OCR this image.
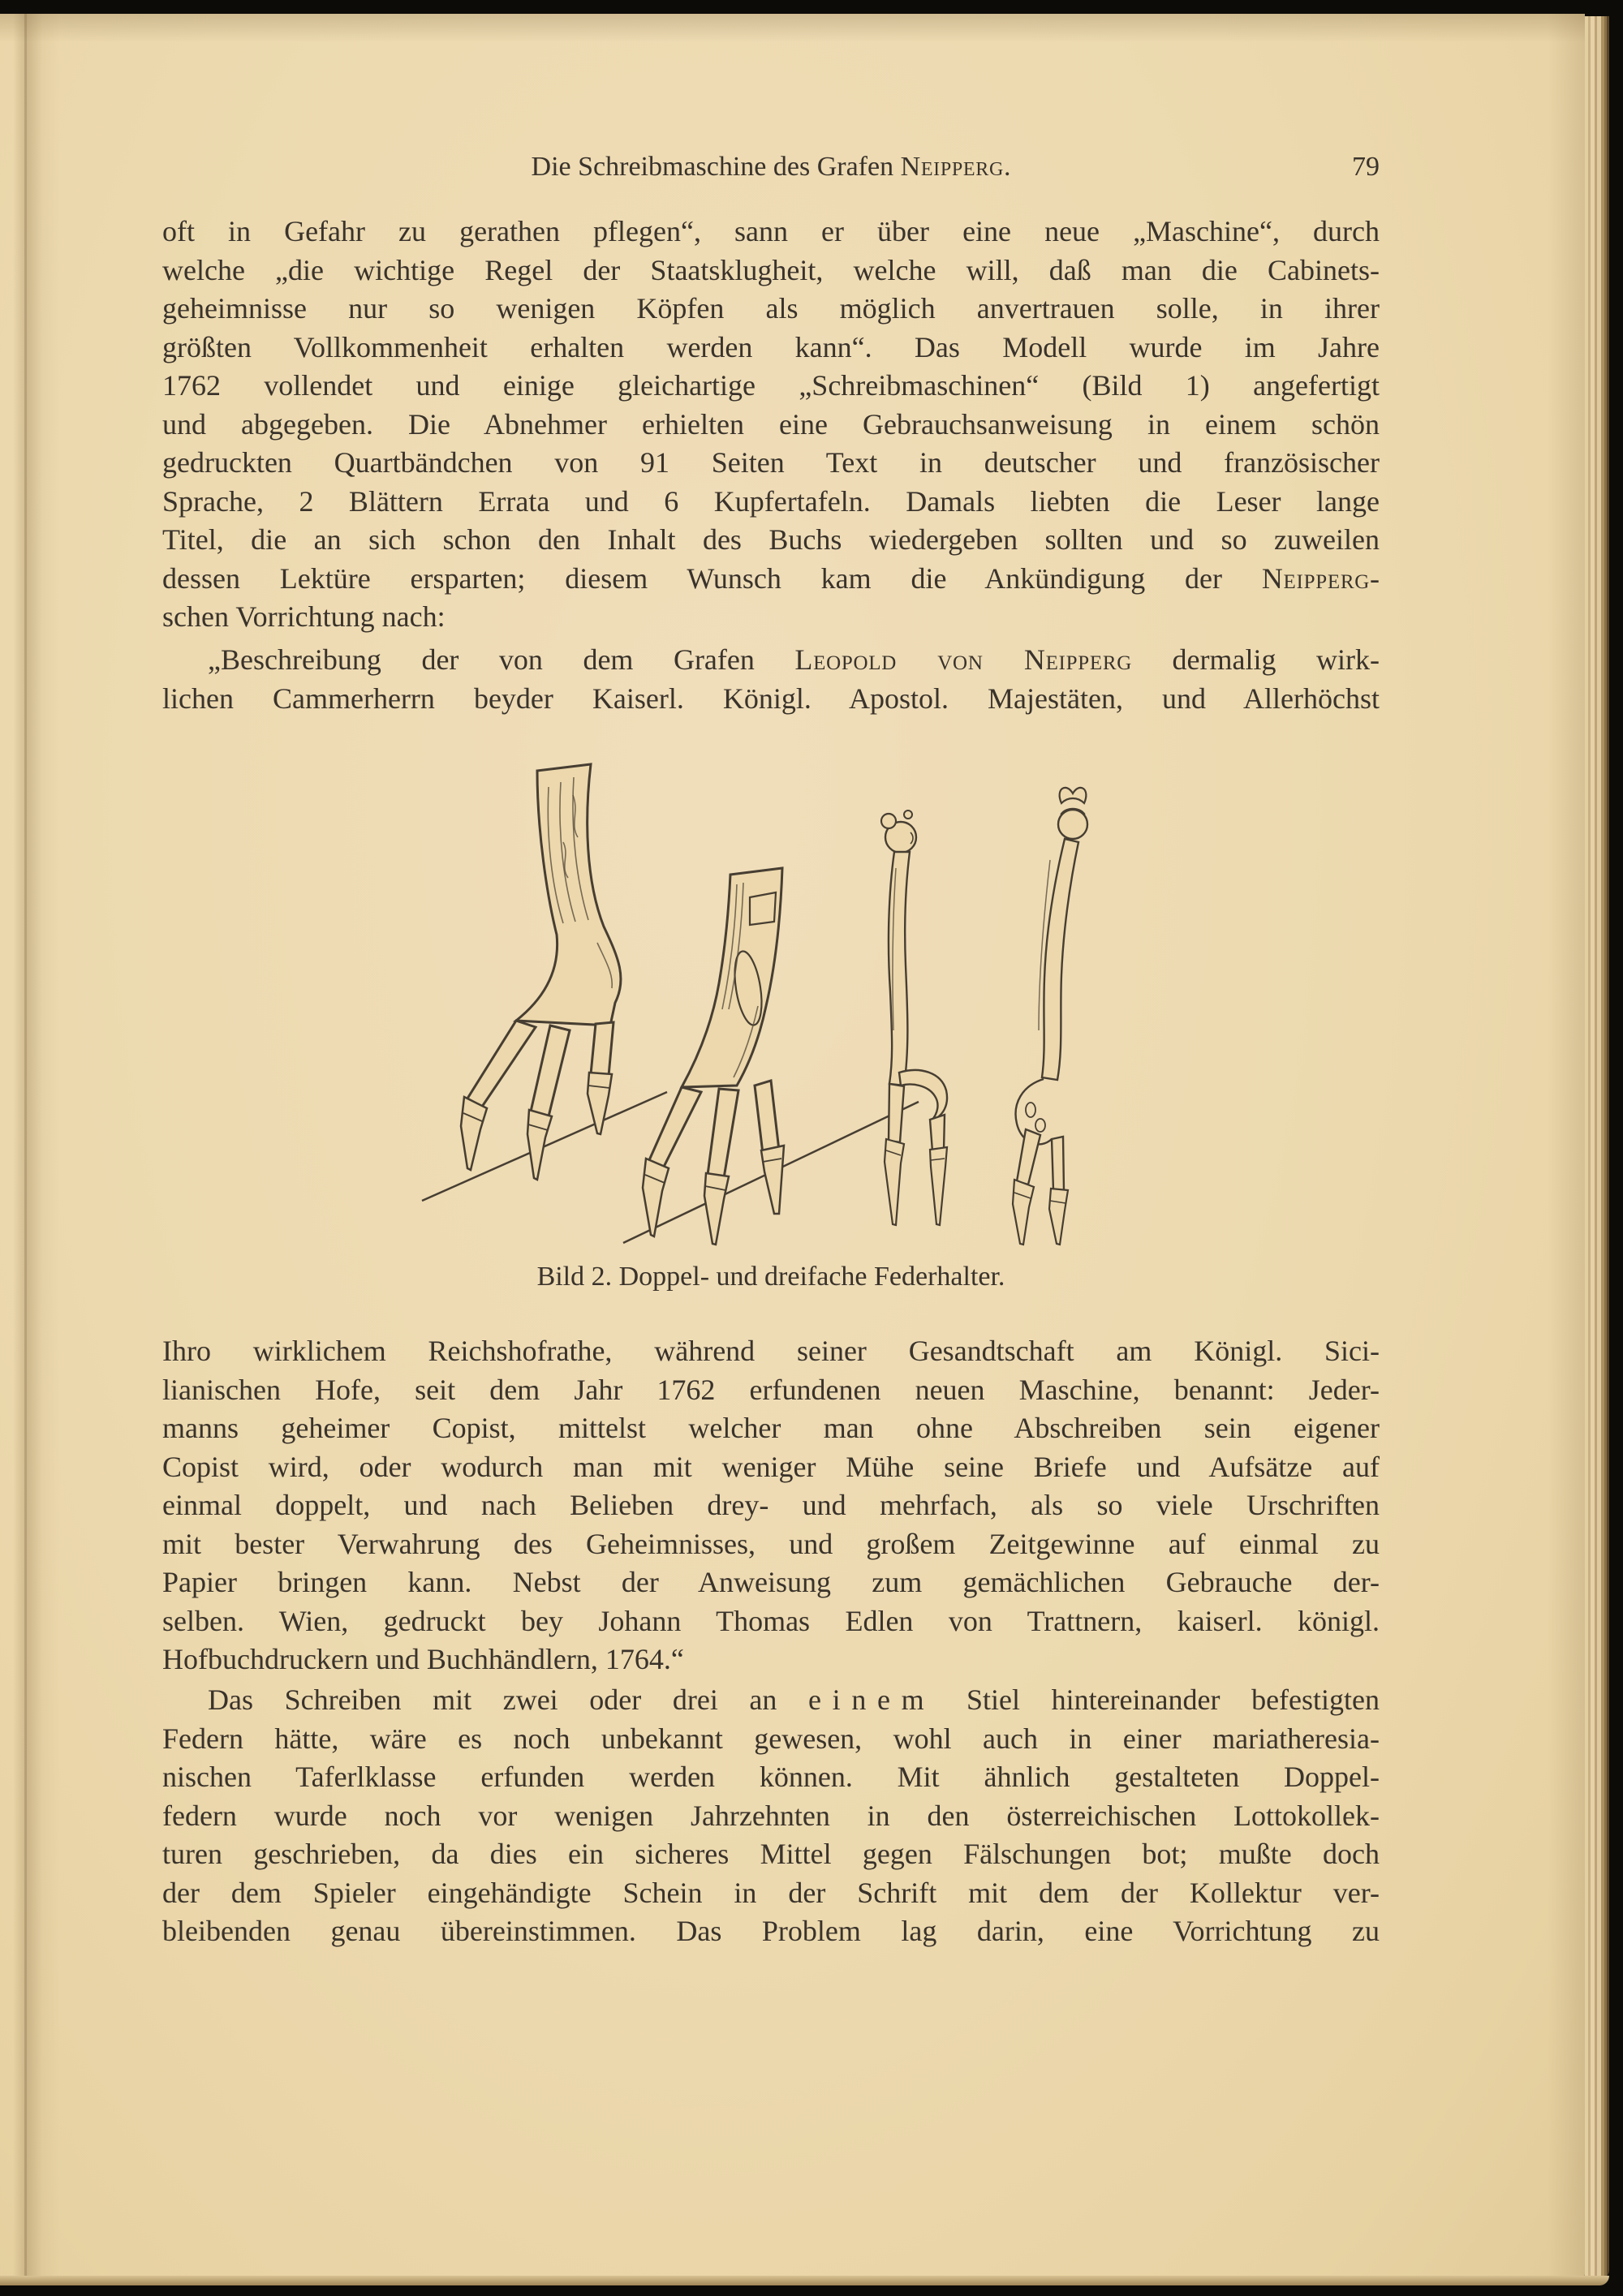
Die Schreibmaschine des Grafen Neipperg.	79
oft in Gefahr zu gerathen pflegen“, sann er über eine neue „Maschine“, durch
welche „die wichtige Regel der Staatsklugheit, welche will, daß man die Cabinets-
geheimnisse nur so wenigen Köpfen als möglich anvertrauen solle, in ihrer
größten Vollkommenheit erhalten werden kann“. Das Modell wurde im Jahre
1762 vollendet und einige gleichartige „Schreibmaschinen“ (Bild 1) angefertigt
und abgegeben. Die Abnehmer erhielten eine Gebrauchsanweisung in einem schön
gedruckten Quartbändchen von 91 Seiten Text in deutscher und französischer
Sprache, 2 Blättern Errata und 6 Kupfertafeln. Damals liebten die Leser lange
Titel, die an sich schon den Inhalt des Buchs wiedergeben sollten und so zuweilen
dessen Lektüre ersparten; diesem Wunsch kam die Ankündigung der Neipperg-
schen Vorrichtung nach:
„Beschreibung der von dem Grafen Leopold von Neipperg dermalig wirk-
lichen Cammerherrn beyder Kaiserl. Königl. Apostol. Majestäten, und Allerhöchst
Bild 2. Doppel- und dreifache Federhalter.
Ihro wirklichem Reichshofrathe, während seiner Gesandtschaft am Königl. Sici-
lianischen Hofe, seit dem Jahr 1762 erfundenen neuen Maschine, benannt: Jeder-
manns geheimer Copist, mittelst welcher man ohne Abschreiben sein eigener
Copist wird, oder wodurch man mit weniger Mühe seine Briefe und Aufsätze auf
einmal doppelt, und nach Belieben drey- und mehrfach, als so viele Urschriften
mit bester Verwahrung des Geheimnisses, und großem Zeitgewinne auf einmal zu
Papier bringen kann. Nebst der Anweisung zum gemächlichen Gebrauche der-
selben. Wien, gedruckt bey Johann Thomas Edlen von Trattnern, kaiserl. königl.
Hofbuchdruckern und Buchhändlern, 1764.“
Das Schreiben mit zwei oder drei an einem Stiel hintereinander befestigten
Federn hätte, wäre es noch unbekannt gewesen, wohl auch in einer mariatheresia-
nischen Taferlklasse erfunden werden können. Mit ähnlich gestalteten Doppel-
federn wurde noch vor wenigen Jahrzehnten in den österreichischen Lottokollek-
turen geschrieben, da dies ein sicheres Mittel gegen Fälschungen bot; mußte doch
der dem Spieler eingehändigte Schein in der Schrift mit dem der Kollektur ver-
bleibenden genau übereinstimmen. Das Problem lag darin, eine Vorrichtung zu
